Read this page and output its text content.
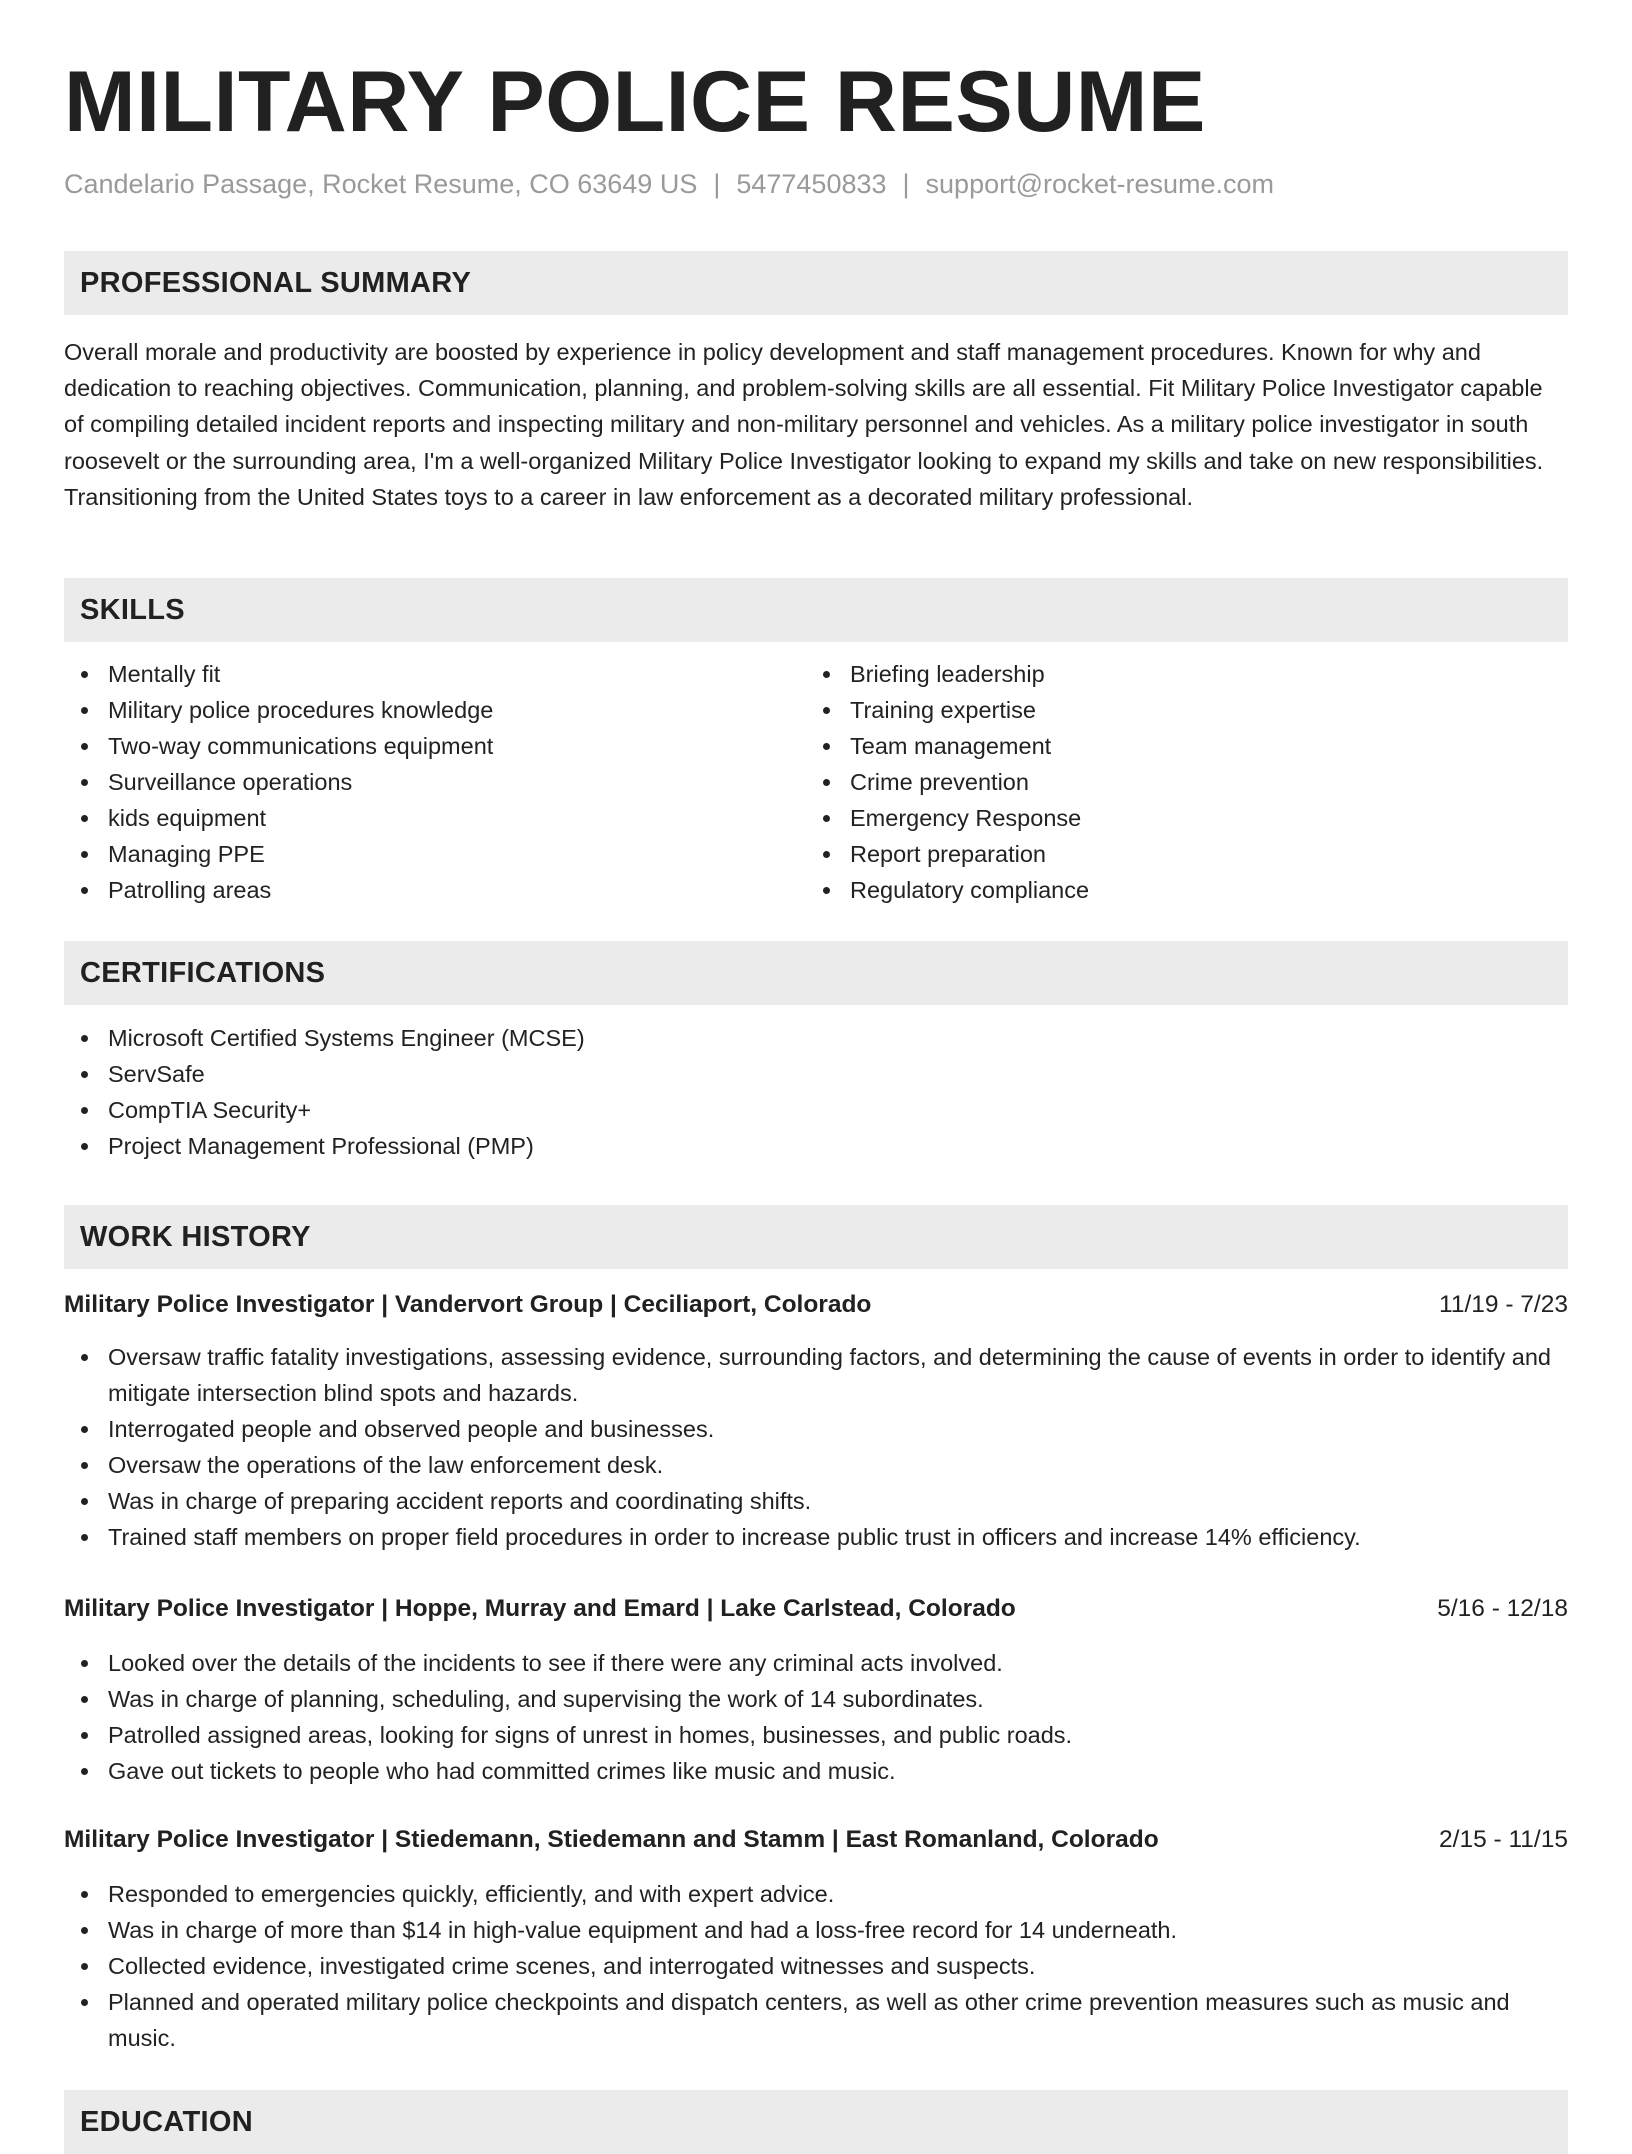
MILITARY POLICE RESUME
Candelario Passage, Rocket Resume, CO 63649 US | 5477450833 | support@rocket-resume.com
PROFESSIONAL SUMMARY

Overall morale and productivity are boosted by experience in policy development and staff management procedures. Known for why and dedication to reaching objectives. Communication, planning, and problem-solving skills are all essential. Fit Military Police Investigator capable of compiling detailed incident reports and inspecting military and non-military personnel and vehicles. As a military police investigator in south roosevelt or the surrounding area, I'm a well-organized Military Police Investigator looking to expand my skills and take on new responsibilities. Transitioning from the United States toys to a career in law enforcement as a decorated military professional.

SKILLS
Mentally fit
Military police procedures knowledge
Two-way communications equipment
Surveillance operations
kids equipment
Managing PPE
Patrolling areas
Briefing leadership
Training expertise
Team management
Crime prevention
Emergency Response
Report preparation
Regulatory compliance
CERTIFICATIONS
Microsoft Certified Systems Engineer (MCSE)
ServSafe
CompTIA Security+
Project Management Professional (PMP)
WORK HISTORY
Military Police Investigator | Vandervort Group | Ceciliaport, Colorado	11/19 - 7/23
Oversaw traffic fatality investigations, assessing evidence, surrounding factors, and determining the cause of events in order to identify and mitigate intersection blind spots and hazards.
Interrogated people and observed people and businesses.
Oversaw the operations of the law enforcement desk.
Was in charge of preparing accident reports and coordinating shifts.
Trained staff members on proper field procedures in order to increase public trust in officers and increase 14% efficiency.
Military Police Investigator | Hoppe, Murray and Emard | Lake Carlstead, Colorado	5/16 - 12/18
Looked over the details of the incidents to see if there were any criminal acts involved.
Was in charge of planning, scheduling, and supervising the work of 14 subordinates.
Patrolled assigned areas, looking for signs of unrest in homes, businesses, and public roads.
Gave out tickets to people who had committed crimes like music and music.
Military Police Investigator | Stiedemann, Stiedemann and Stamm | East Romanland, Colorado	2/15 - 11/15
Responded to emergencies quickly, efficiently, and with expert advice.
Was in charge of more than $14 in high-value equipment and had a loss-free record for 14 underneath.
Collected evidence, investigated crime scenes, and interrogated witnesses and suspects.
Planned and operated military police checkpoints and dispatch centers, as well as other crime prevention measures such as music and music.
EDUCATION
